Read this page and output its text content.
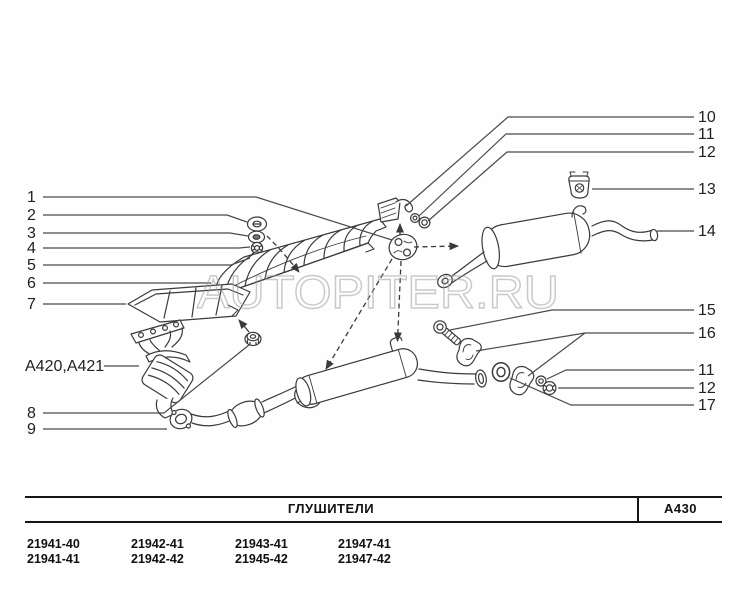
AUTOPITER.RU
1
2
3
4
5
6
7
A420,A421
8
9
10
11
12
13
14
15
16
11
12
17
ГЛУШИТЕЛИ	А430
21941-40	21942-41	21943-41	21947-41
21941-41	21942-42	21945-42	21947-42
